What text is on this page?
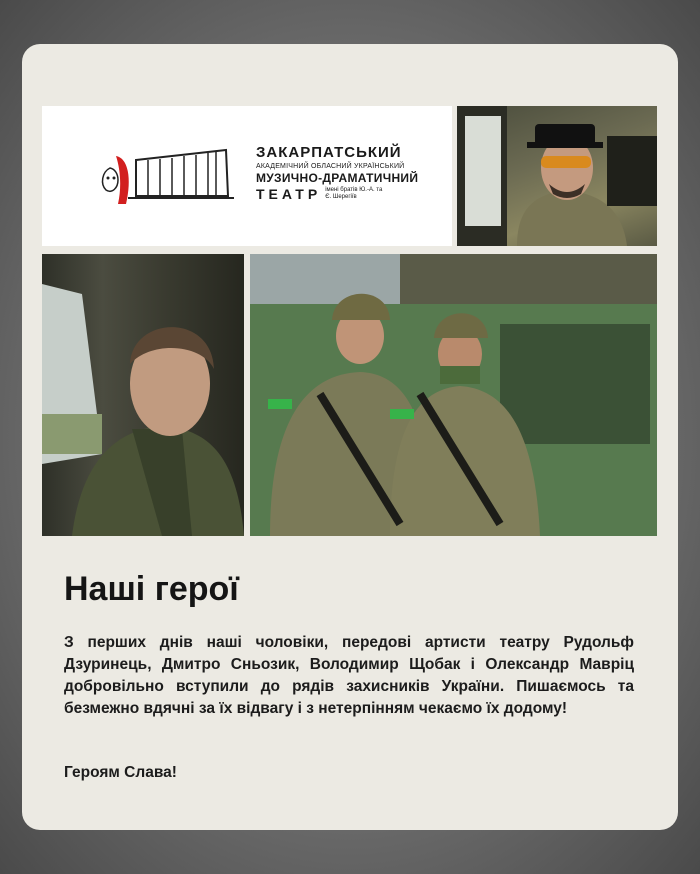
ЗАКАРПАТСЬКИЙ
АКАДЕМІЧНИЙ ОБЛАСНИЙ УКРАЇНСЬКИЙ
МУЗИЧНО-ДРАМАТИЧНИЙ
ТЕАТР імені братів Ю.-А. та Є. Шерегіїв
Наші герої

З перших днів наші чоловіки, передові артисти театру Рудольф Дзуринець, Дмитро Сньозик, Володимир Щобак і Олександр Мавріц добровільно вступили до рядів захисників України. Пишаємось та безмежно вдячні за їх відвагу і з нетерпінням чекаємо їх додому!

Героям Слава!
